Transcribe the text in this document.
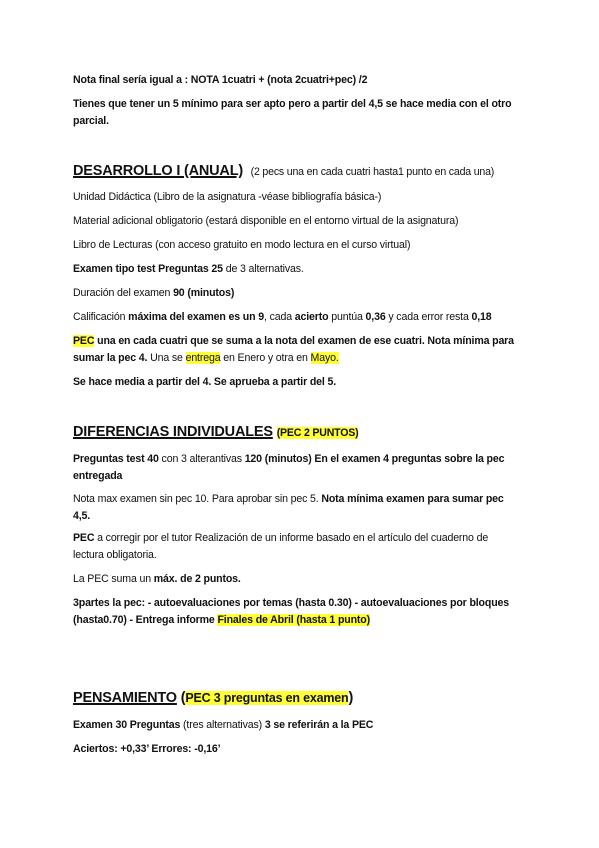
Nota final sería igual a : NOTA 1cuatri + (nota 2cuatri+pec) /2

Tienes que tener un 5 mínimo para ser apto pero a partir del 4,5 se hace media con el otro
parcial.

DESARROLLO I (ANUAL) (2 pecs una en cada cuatri hasta1 punto en cada una)

Unidad Didáctica (Libro de la asignatura -véase bibliografía básica-)

Material adicional obligatorio (estará disponible en el entorno virtual de la asignatura)

Libro de Lecturas (con acceso gratuito en modo lectura en el curso virtual)

Examen tipo test Preguntas 25 de 3 alternativas.

Duración del examen 90 (minutos)

Calificación máxima del examen es un 9, cada acierto puntúa 0,36 y cada error resta 0,18

PEC una en cada cuatri que se suma a la nota del examen de ese cuatri. Nota mínima para
sumar la pec 4. Una se entrega en Enero y otra en Mayo.

Se hace media a partir del 4. Se aprueba a partir del 5.

DIFERENCIAS INDIVIDUALES (PEC 2 PUNTOS)

Preguntas test 40 con 3 alterantivas 120 (minutos) En el examen 4 preguntas sobre la pec
entregada

Nota max examen sin pec 10. Para aprobar sin pec 5. Nota mínima examen para sumar pec
4,5.

PEC a corregir por el tutor Realización de un informe basado en el artículo del cuaderno de
lectura obligatoria.

La PEC suma un máx. de 2 puntos.

3partes la pec: - autoevaluaciones por temas (hasta 0.30) - autoevaluaciones por bloques
(hasta0.70) - Entrega informe Finales de Abril (hasta 1 punto)

PENSAMIENTO (PEC 3 preguntas en examen)

Examen 30 Preguntas (tres alternativas) 3 se referirán a la PEC

Aciertos: +0,33’ Errores: -0,16’
